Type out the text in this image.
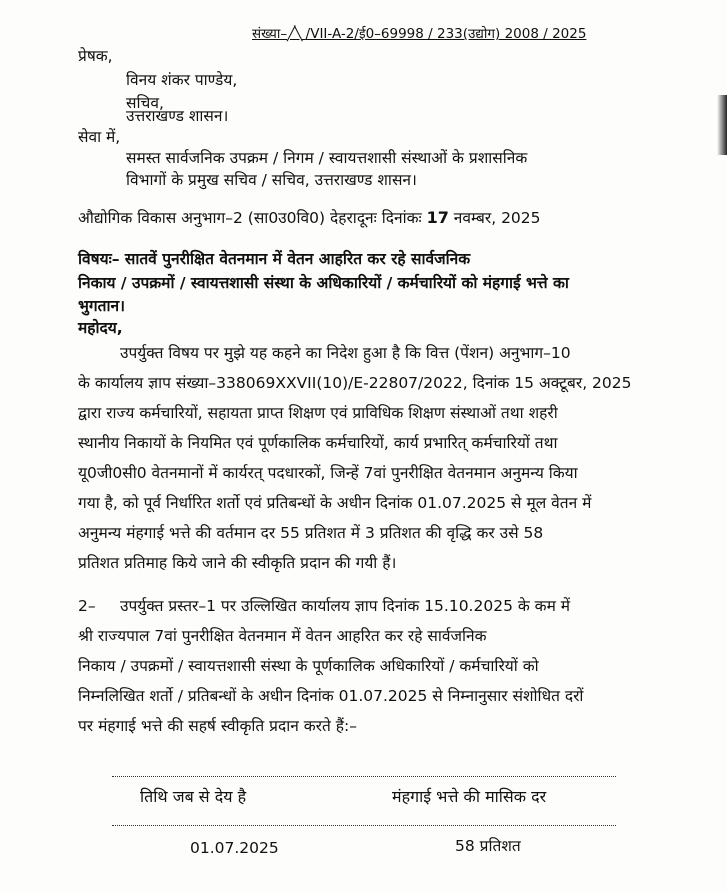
संख्या–╱╲ /VII-A-2/ई0–69998 / 233(उद्योग) 2008 / 2025
प्रेषक,
विनय शंकर पाण्डेय,
सचिव,
उत्तराखण्ड शासन।
सेवा में,
समस्त सार्वजनिक उपक्रम / निगम / स्वायत्तशासी संस्थाओं के प्रशासनिक
विभागों के प्रमुख सचिव / सचिव, उत्तराखण्ड शासन।
औद्योगिक विकास अनुभाग–2 (सा0उ0वि0) देहरादूनः दिनांकः 17 नवम्बर, 2025
विषयः– सातवें पुनरीक्षित वेतनमान में वेतन आहरित कर रहे सार्वजनिक
निकाय / उपक्रमों / स्वायत्तशासी संस्था के अधिकारियों / कर्मचारियों को मंहगाई भत्ते का
भुगतान।
महोदय,
उपर्युक्त विषय पर मुझे यह कहने का निदेश हुआ है कि वित्त (पेंशन) अनुभाग–10
के कार्यालय ज्ञाप संख्या–338069XXVII(10)/E-22807/2022, दिनांक 15 अक्टूबर, 2025
द्वारा राज्य कर्मचारियों, सहायता प्राप्त शिक्षण एवं प्राविधिक शिक्षण संस्थाओं तथा शहरी
स्थानीय निकायों के नियमित एवं पूर्णकालिक कर्मचारियों, कार्य प्रभारित् कर्मचारियों तथा
यू0जी0सी0 वेतनमानों में कार्यरत् पदधारकों, जिन्हें 7वां पुनरीक्षित वेतनमान अनुमन्य किया
गया है, को पूर्व निर्धारित शर्तो एवं प्रतिबन्धों के अधीन दिनांक 01.07.2025 से मूल वेतन में
अनुमन्य मंहगाई भत्ते की वर्तमान दर 55 प्रतिशत में 3 प्रतिशत की वृद्धि कर उसे 58
प्रतिशत प्रतिमाह किये जाने की स्वीकृति प्रदान की गयी हैं।
2–	उपर्युक्त प्रस्तर–1 पर उल्लिखित कार्यालय ज्ञाप दिनांक 15.10.2025 के कम में
श्री राज्यपाल 7वां पुनरीक्षित वेतनमान में वेतन आहरित कर रहे सार्वजनिक
निकाय / उपक्रमों / स्वायत्तशासी संस्था के पूर्णकालिक अधिकारियों / कर्मचारियों को
निम्नलिखित शर्तो / प्रतिबन्धों के अधीन दिनांक 01.07.2025 से निम्नानुसार संशोधित दरों
पर मंहगाई भत्ते की सहर्ष स्वीकृति प्रदान करते हैं:–
तिथि जब से देय है	मंहगाई भत्ते की मासिक दर
01.07.2025	58 प्रतिशत
